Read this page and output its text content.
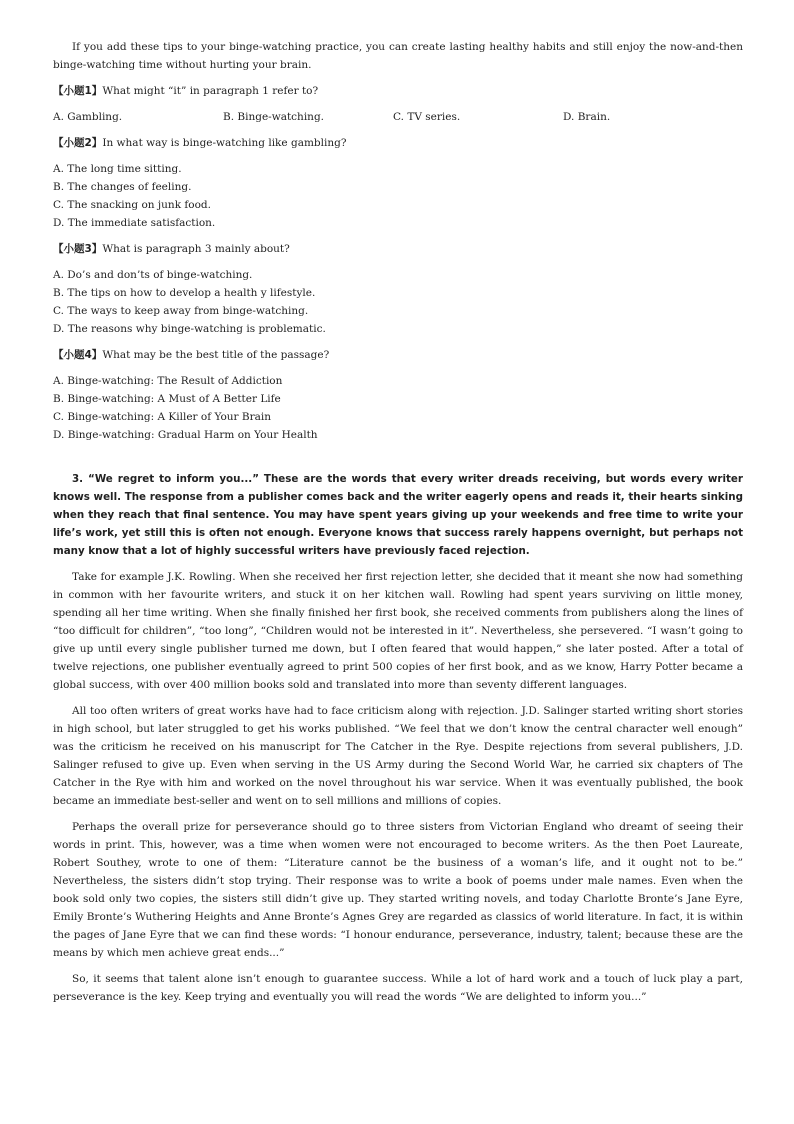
If you add these tips to your binge-watching practice, you can create lasting healthy habits and still enjoy the now-and-then binge-watching time without hurting your brain.

【小题1】What might “it” in paragraph 1 refer to?

A. Gambling.	B. Binge-watching.	C. TV series.	D. Brain.

【小题2】In what way is binge-watching like gambling?

A. The long time sitting.

B. The changes of feeling.

C. The snacking on junk food.

D. The immediate satisfaction.

【小题3】What is paragraph 3 mainly about?

A. Do’s and don’ts of binge-watching.

B. The tips on how to develop a health y lifestyle.

C. The ways to keep away from binge-watching.

D. The reasons why binge-watching is problematic.

【小题4】What may be the best title of the passage?

A. Binge-watching: The Result of Addiction

B. Binge-watching: A Must of A Better Life

C. Binge-watching: A Killer of Your Brain

D. Binge-watching: Gradual Harm on Your Health

3. “We regret to inform you...” These are the words that every writer dreads receiving, but words every writer knows well. The response from a publisher comes back and the writer eagerly opens and reads it, their hearts sinking when they reach that final sentence. You may have spent years giving up your weekends and free time to write your life’s work, yet still this is often not enough. Everyone knows that success rarely happens overnight, but perhaps not many know that a lot of highly successful writers have previously faced rejection.

Take for example J.K. Rowling. When she received her first rejection letter, she decided that it meant she now had something in common with her favourite writers, and stuck it on her kitchen wall. Rowling had spent years surviving on little money, spending all her time writing. When she finally finished her first book, she received comments from publishers along the lines of “too difficult for children”, “too long”, “Children would not be interested in it”. Nevertheless, she persevered. “I wasn’t going to give up until every single publisher turned me down, but I often feared that would happen,” she later posted. After a total of twelve rejections, one publisher eventually agreed to print 500 copies of her first book, and as we know, Harry Potter became a global success, with over 400 million books sold and translated into more than seventy different languages.

All too often writers of great works have had to face criticism along with rejection. J.D. Salinger started writing short stories in high school, but later struggled to get his works published. “We feel that we don’t know the central character well enough” was the criticism he received on his manuscript for The Catcher in the Rye. Despite rejections from several publishers, J.D. Salinger refused to give up. Even when serving in the US Army during the Second World War, he carried six chapters of The Catcher in the Rye with him and worked on the novel throughout his war service. When it was eventually published, the book became an immediate best-seller and went on to sell millions and millions of copies.

Perhaps the overall prize for perseverance should go to three sisters from Victorian England who dreamt of seeing their words in print. This, however, was a time when women were not encouraged to become writers. As the then Poet Laureate, Robert Southey, wrote to one of them: “Literature cannot be the business of a woman’s life, and it ought not to be.” Nevertheless, the sisters didn’t stop trying. Their response was to write a book of poems under male names. Even when the book sold only two copies, the sisters still didn’t give up. They started writing novels, and today Charlotte Bronte’s Jane Eyre, Emily Bronte’s Wuthering Heights and Anne Bronte’s Agnes Grey are regarded as classics of world literature. In fact, it is within the pages of Jane Eyre that we can find these words: “I honour endurance, perseverance, industry, talent; because these are the means by which men achieve great ends...”

So, it seems that talent alone isn’t enough to guarantee success. While a lot of hard work and a touch of luck play a part, perseverance is the key. Keep trying and eventually you will read the words “We are delighted to inform you...”
